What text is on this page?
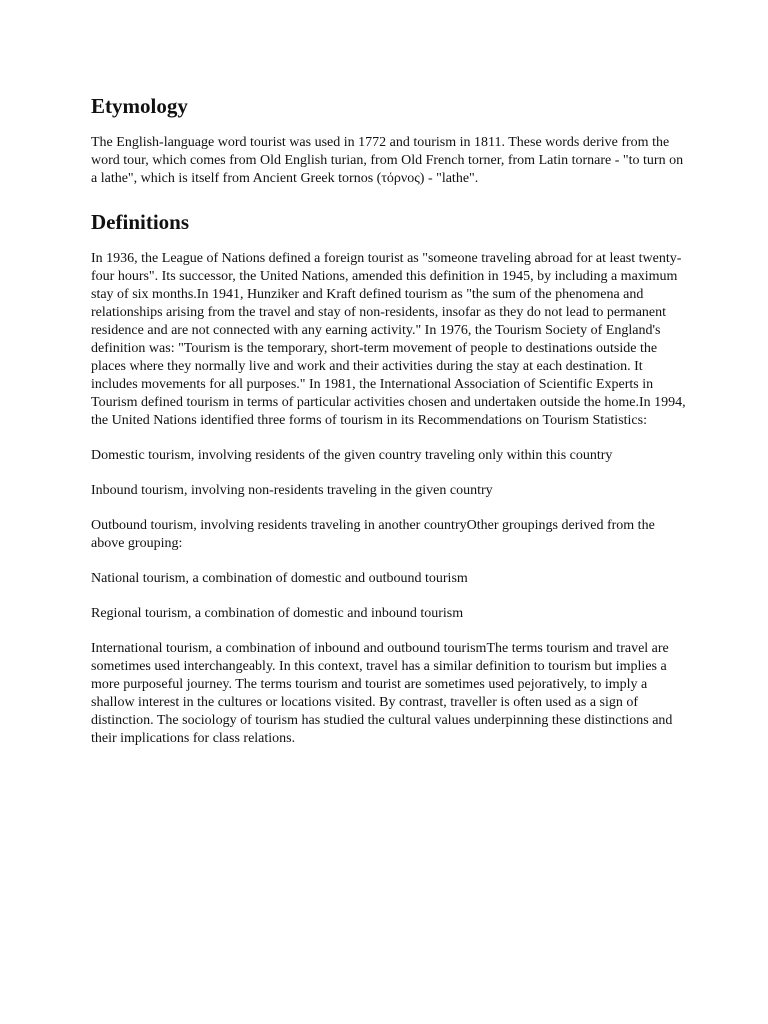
Etymology

The English-language word tourist was used in 1772 and tourism in 1811. These words derive from the word tour, which comes from Old English turian, from Old French torner, from Latin tornare - "to turn on a lathe", which is itself from Ancient Greek tornos (τόρνος) - "lathe".

Definitions

In 1936, the League of Nations defined a foreign tourist as "someone traveling abroad for at least twenty-four hours". Its successor, the United Nations, amended this definition in 1945, by including a maximum stay of six months.In 1941, Hunziker and Kraft defined tourism as "the sum of the phenomena and relationships arising from the travel and stay of non-residents, insofar as they do not lead to permanent residence and are not connected with any earning activity." In 1976, the Tourism Society of England's definition was: "Tourism is the temporary, short-term movement of people to destinations outside the places where they normally live and work and their activities during the stay at each destination. It includes movements for all purposes." In 1981, the International Association of Scientific Experts in Tourism defined tourism in terms of particular activities chosen and undertaken outside the home.In 1994, the United Nations identified three forms of tourism in its Recommendations on Tourism Statistics:

Domestic tourism, involving residents of the given country traveling only within this country

Inbound tourism, involving non-residents traveling in the given country

Outbound tourism, involving residents traveling in another countryOther groupings derived from the above grouping:

National tourism, a combination of domestic and outbound tourism

Regional tourism, a combination of domestic and inbound tourism

International tourism, a combination of inbound and outbound tourismThe terms tourism and travel are sometimes used interchangeably. In this context, travel has a similar definition to tourism but implies a more purposeful journey. The terms tourism and tourist are sometimes used pejoratively, to imply a shallow interest in the cultures or locations visited. By contrast, traveller is often used as a sign of distinction. The sociology of tourism has studied the cultural values underpinning these distinctions and their implications for class relations.
